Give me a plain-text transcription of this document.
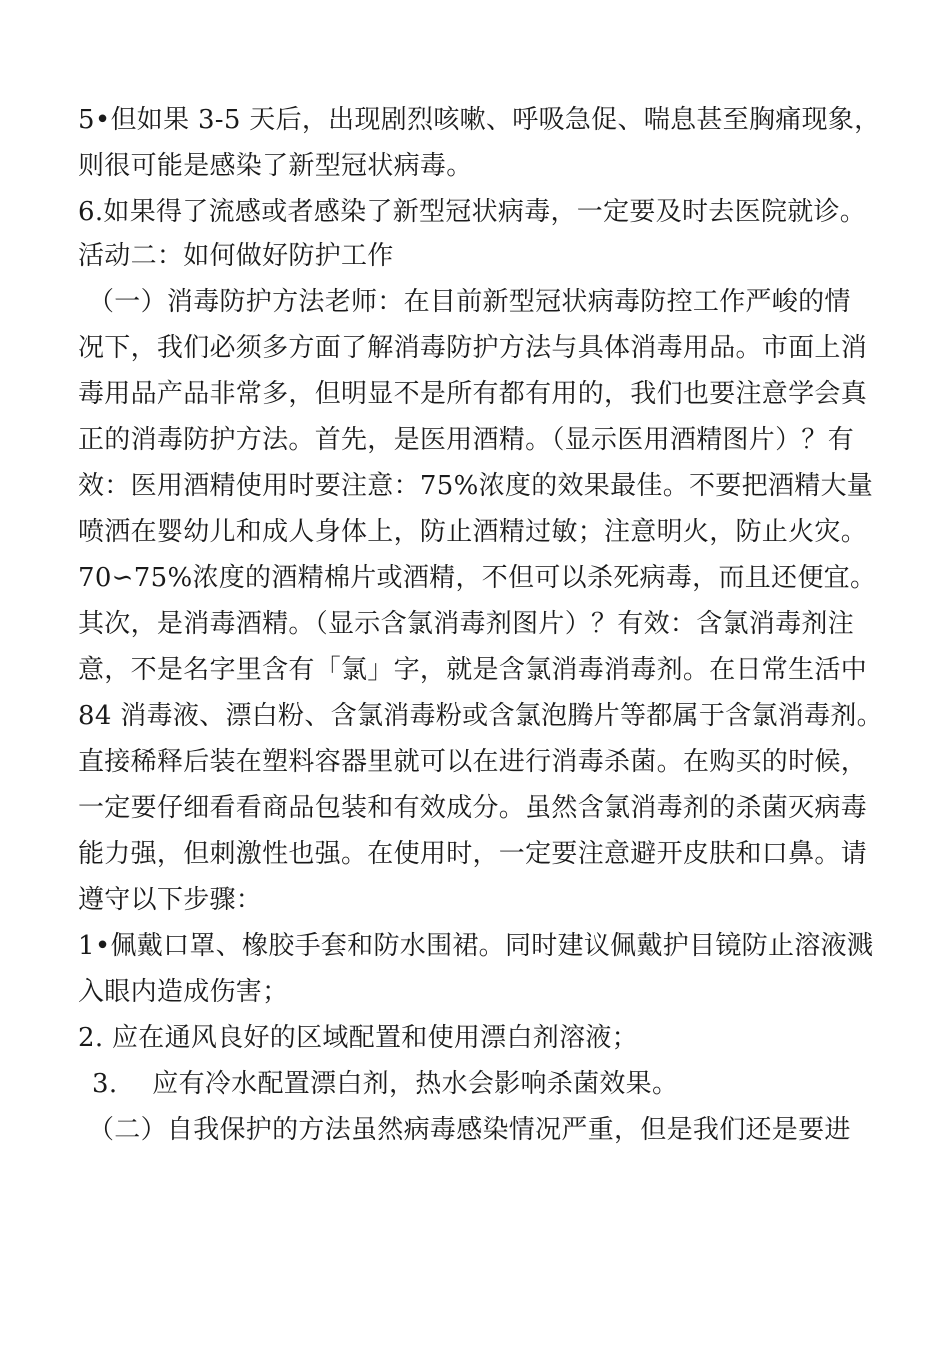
5•但如果 3-5 天后，出现剧烈咳嗽、呼吸急促、喘息甚至胸痛现象，
则很可能是感染了新型冠状病毒。
6.如果得了流感或者感染了新型冠状病毒，一定要及时去医院就诊。
活动二：如何做好防护工作
（一）消毒防护方法老师：在目前新型冠状病毒防控工作严峻的情
况下，我们必须多方面了解消毒防护方法与具体消毒用品。市面上消
毒用品产品非常多，但明显不是所有都有用的，我们也要注意学会真
正的消毒防护方法。首先，是医用酒精。（显示医用酒精图片）？有
效：医用酒精使用时要注意：75%浓度的效果最佳。不要把酒精大量
喷洒在婴幼儿和成人身体上，防止酒精过敏；注意明火，防止火灾。
70∽75%浓度的酒精棉片或酒精，不但可以杀死病毒，而且还便宜。
其次，是消毒酒精。（显示含氯消毒剂图片）？有效：含氯消毒剂注
意，不是名字里含有「氯」字，就是含氯消毒消毒剂。在日常生活中
84 消毒液、漂白粉、含氯消毒粉或含氯泡腾片等都属于含氯消毒剂。
直接稀释后装在塑料容器里就可以在进行消毒杀菌。在购买的时候，
一定要仔细看看商品包装和有效成分。虽然含氯消毒剂的杀菌灭病毒
能力强，但刺激性也强。在使用时，一定要注意避开皮肤和口鼻。请
遵守以下步骤：
1•佩戴口罩、橡胶手套和防水围裙。同时建议佩戴护目镜防止溶液溅
入眼内造成伤害；
2. 应在通风良好的区域配置和使用漂白剂溶液；
3.　 应有冷水配置漂白剂，热水会影响杀菌效果。
（二）自我保护的方法虽然病毒感染情况严重，但是我们还是要进
